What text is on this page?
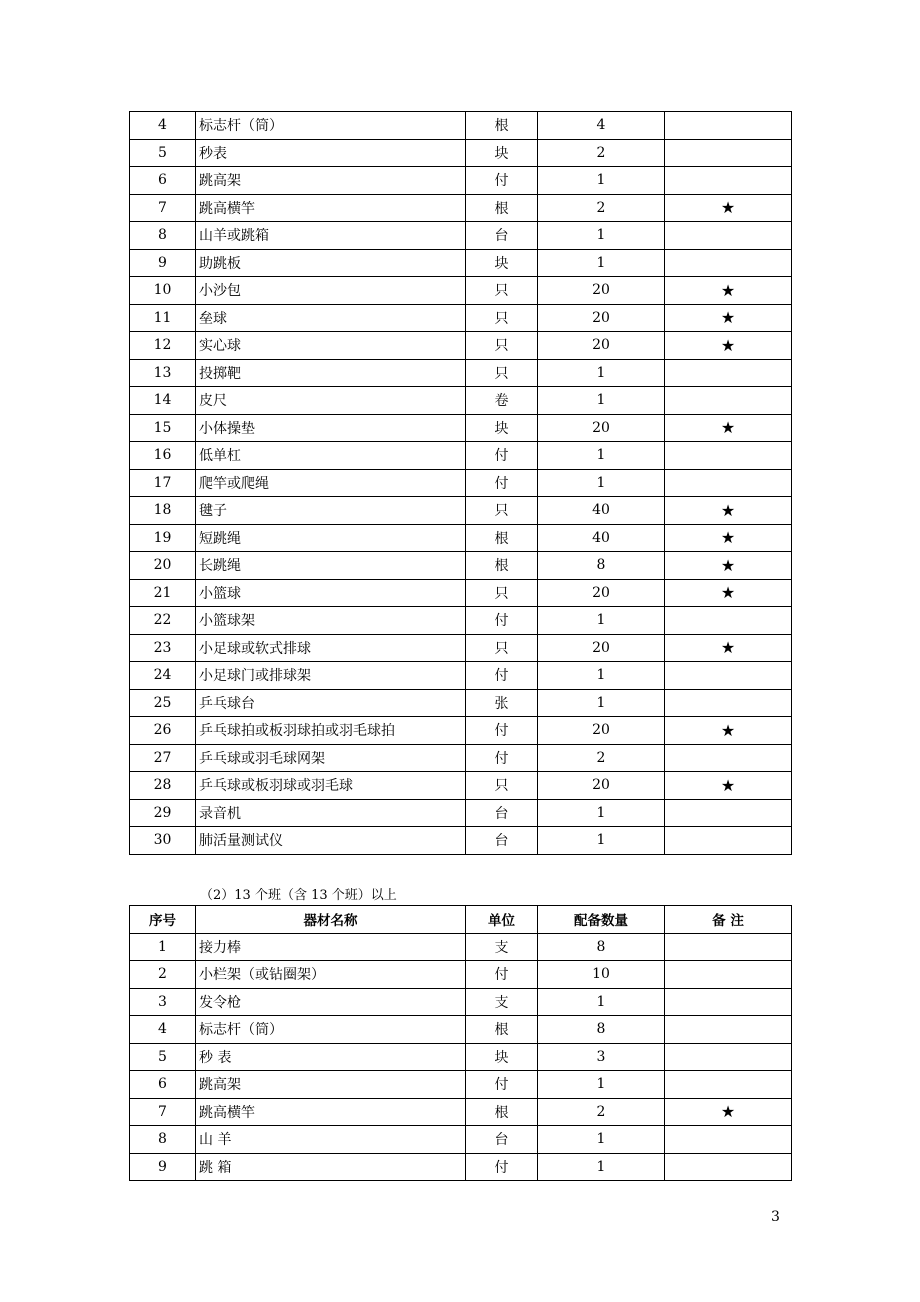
4	标志杆（筒）	根	4	
5	秒表	块	2	
6	跳高架	付	1	
7	跳高横竿	根	2	★
8	山羊或跳箱	台	1	
9	助跳板	块	1	
10	小沙包	只	20	★
11	垒球	只	20	★
12	实心球	只	20	★
13	投掷靶	只	1	
14	皮尺	卷	1	
15	小体操垫	块	20	★
16	低单杠	付	1	
17	爬竿或爬绳	付	1	
18	毽子	只	40	★
19	短跳绳	根	40	★
20	长跳绳	根	8	★
21	小篮球	只	20	★
22	小篮球架	付	1	
23	小足球或软式排球	只	20	★
24	小足球门或排球架	付	1	
25	乒乓球台	张	1	
26	乒乓球拍或板羽球拍或羽毛球拍	付	20	★
27	乒乓球或羽毛球网架	付	2	
28	乒乓球或板羽球或羽毛球	只	20	★
29	录音机	台	1	
30	肺活量测试仪	台	1	
（2）13 个班（含 13 个班）以上
序号	器材名称	单位	配备数量	备 注
1	接力棒	支	8	
2	小栏架（或钻圈架）	付	10	
3	发令枪	支	1	
4	标志杆（筒）	根	8	
5	秒 表	块	3	
6	跳高架	付	1	
7	跳高横竿	根	2	★
8	山 羊	台	1	
9	跳 箱	付	1	
3
